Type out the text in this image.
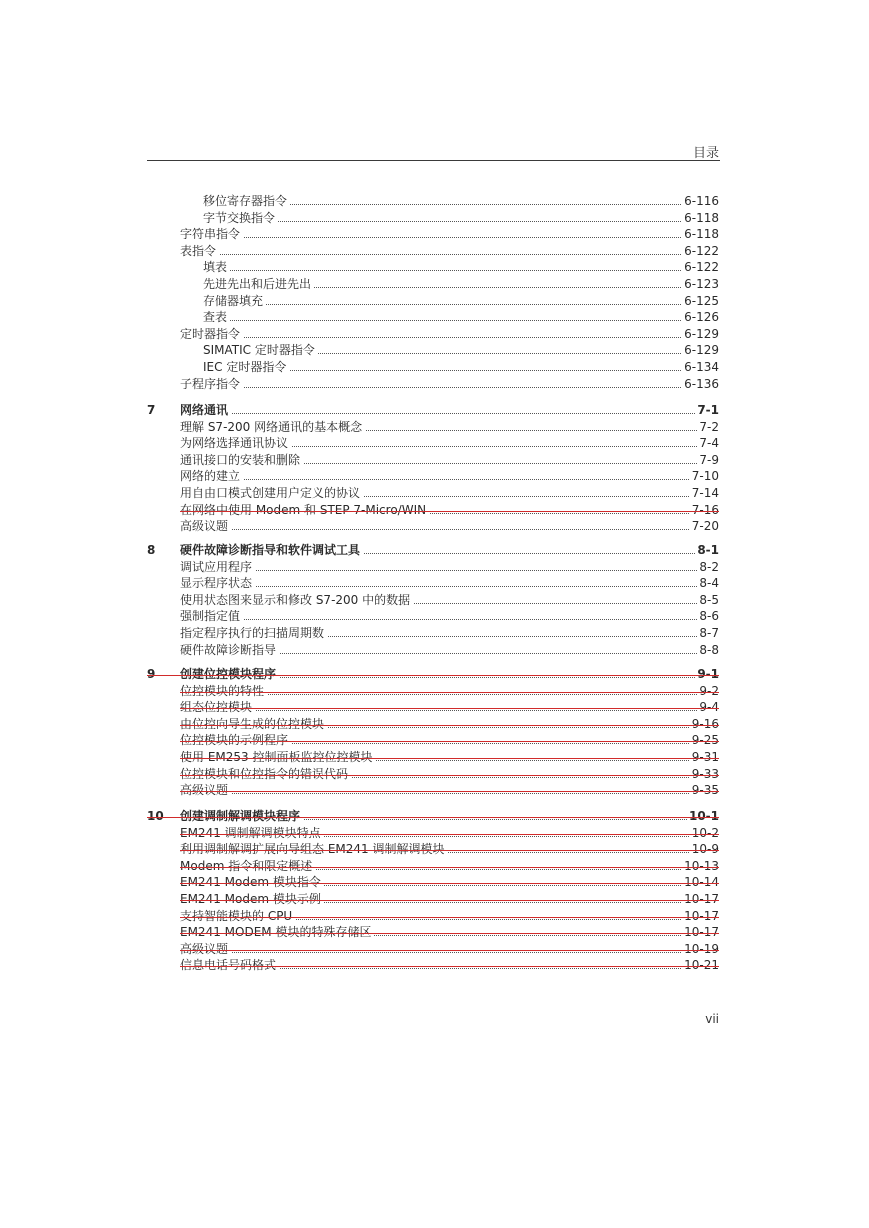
目录
移位寄存器指令	6-116
字节交换指令	6-118
字符串指令	6-118
表指令	6-122
填表	6-122
先进先出和后进先出	6-123
存储器填充	6-125
查表	6-126
定时器指令	6-129
SIMATIC 定时器指令	6-129
IEC 定时器指令	6-134
子程序指令	6-136
7	网络通讯	7-1
理解 S7-200 网络通讯的基本概念	7-2
为网络选择通讯协议	7-4
通讯接口的安装和删除	7-9
网络的建立	7-10
用自由口模式创建用户定义的协议	7-14
在网络中使用 Modem 和 STEP 7-Micro/WIN	7-16
高级议题	7-20
8	硬件故障诊断指导和软件调试工具	8-1
调试应用程序	8-2
显示程序状态	8-4
使用状态图来显示和修改 S7-200 中的数据	8-5
强制指定值	8-6
指定程序执行的扫描周期数	8-7
硬件故障诊断指导	8-8
9	创建位控模块程序	9-1
位控模块的特性	9-2
组态位控模块	9-4
由位控向导生成的位控模块	9-16
位控模块的示例程序	9-25
使用 EM253 控制面板监控位控模块	9-31
位控模块和位控指令的错误代码	9-33
高级议题	9-35
10	创建调制解调模块程序	10-1
EM241 调制解调模块特点	10-2
利用调制解调扩展向导组态 EM241 调制解调模块	10-9
Modem 指令和限定概述	10-13
EM241 Modem 模块指令	10-14
EM241 Modem 模块示例	10-17
支持智能模块的 CPU	10-17
EM241 MODEM 模块的特殊存储区	10-17
高级议题	10-19
信息电话号码格式	10-21
vii
